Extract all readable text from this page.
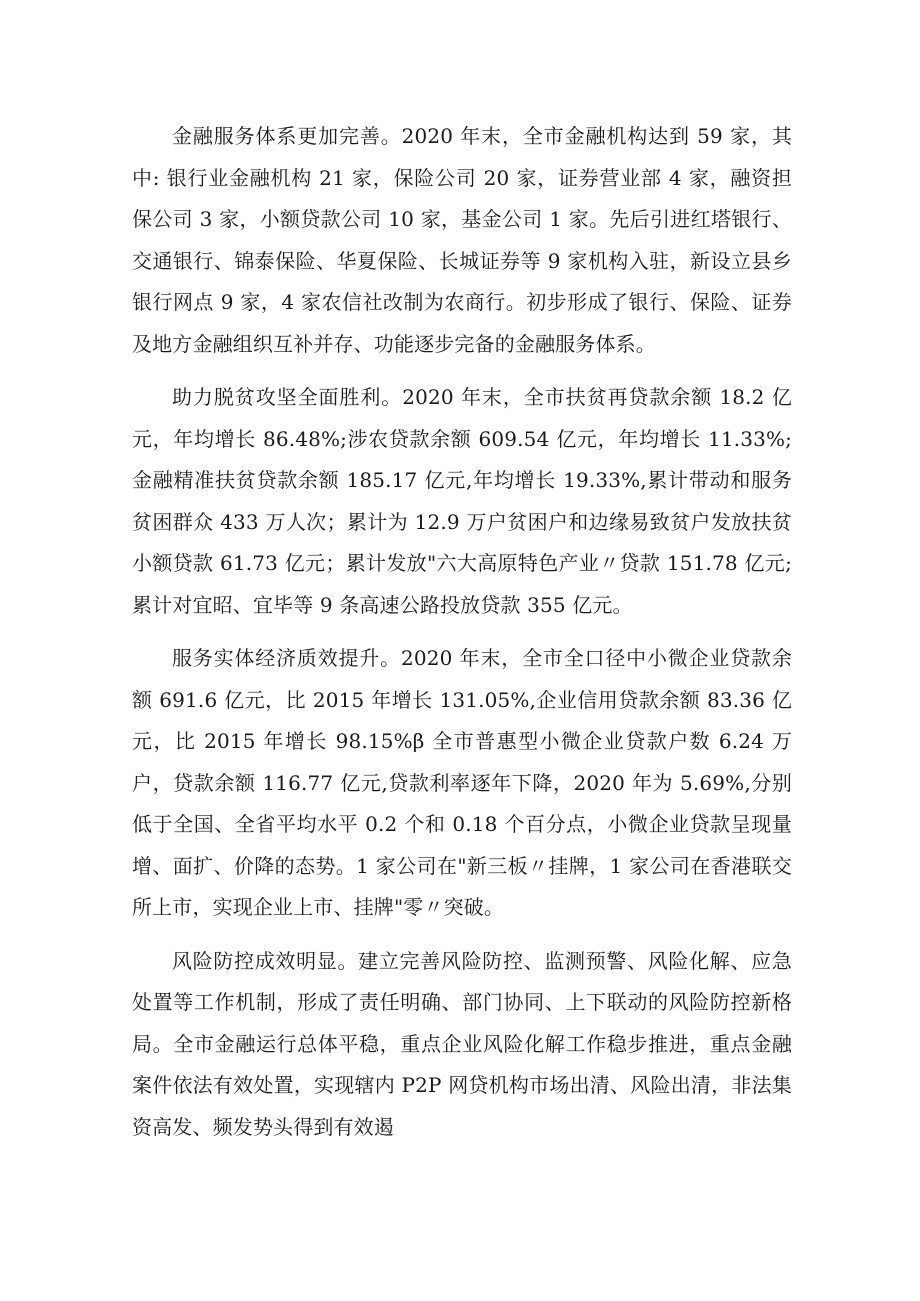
金融服务体系更加完善。2020 年末，全市金融机构达到 59 家，其中: 银行业金融机构 21 家，保险公司 20 家，证券营业部 4 家，融资担保公司 3 家，小额贷款公司 10 家，基金公司 1 家。先后引进红塔银行、交通银行、锦泰保险、华夏保险、长城证券等 9 家机构入驻，新设立县乡银行网点 9 家，4 家农信社改制为农商行。初步形成了银行、保险、证券及地方金融组织互补并存、功能逐步完备的金融服务体系。

助力脱贫攻坚全面胜利。2020 年末，全市扶贫再贷款余额 18.2 亿元，年均增长 86.48%;涉农贷款余额 609.54 亿元，年均增长 11.33%;金融精准扶贫贷款余额 185.17 亿元,年均增长 19.33%,累计带动和服务贫困群众 433 万人次；累计为 12.9 万户贫困户和边缘易致贫户发放扶贫小额贷款 61.73 亿元；累计发放"六大高原特色产业〃贷款 151.78 亿元;累计对宜昭、宜毕等 9 条高速公路投放贷款 355 亿元。

服务实体经济质效提升。2020 年末，全市全口径中小微企业贷款余额 691.6 亿元，比 2015 年增长 131.05%,企业信用贷款余额 83.36 亿元，比 2015 年增长 98.15%β 全市普惠型小微企业贷款户数 6.24 万户，贷款余额 116.77 亿元,贷款利率逐年下降，2020 年为 5.69%,分别低于全国、全省平均水平 0.2 个和 0.18 个百分点，小微企业贷款呈现量增、面扩、价降的态势。1 家公司在"新三板〃挂牌，1 家公司在香港联交所上市，实现企业上市、挂牌"零〃突破。

风险防控成效明显。建立完善风险防控、监测预警、风险化解、应急处置等工作机制，形成了责任明确、部门协同、上下联动的风险防控新格局。全市金融运行总体平稳，重点企业风险化解工作稳步推进，重点金融案件依法有效处置，实现辖内 P2P 网贷机构市场出清、风险出清，非法集资高发、频发势头得到有效遏
